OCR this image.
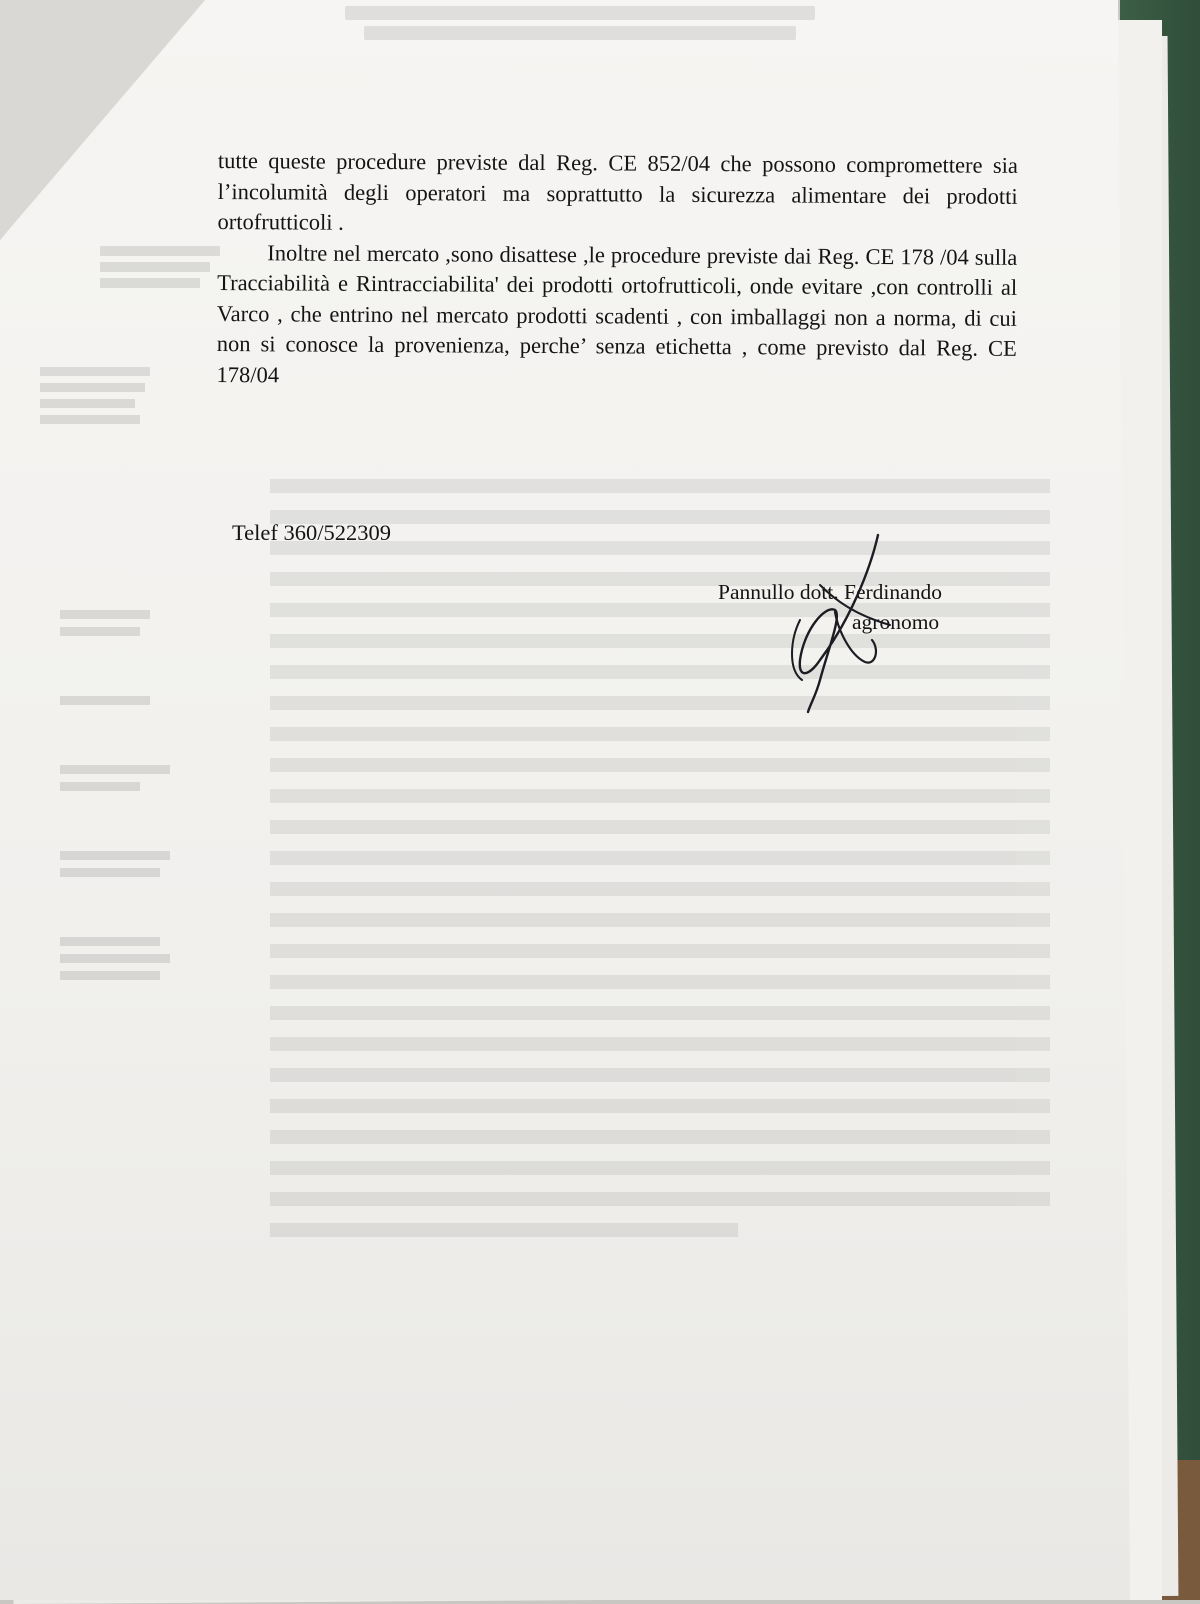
tutte queste procedure previste dal Reg. CE 852/04 che possono compromettere sia l’incolumità degli operatori ma soprattutto la sicurezza alimentare dei prodotti ortofrutticoli .

Inoltre nel mercato ,sono disattese ,le procedure previste dai Reg. CE 178 /04 sulla Tracciabilità e Rintracciabilita' dei prodotti ortofrutticoli, onde evitare ,con controlli al Varco , che entrino nel mercato prodotti scadenti , con imballaggi non a norma, di cui non si conosce la provenienza, perche’ senza etichetta , come previsto dal Reg. CE 178/04

Telef 360/522309
Pannullo dott. Ferdinando
agronomo
